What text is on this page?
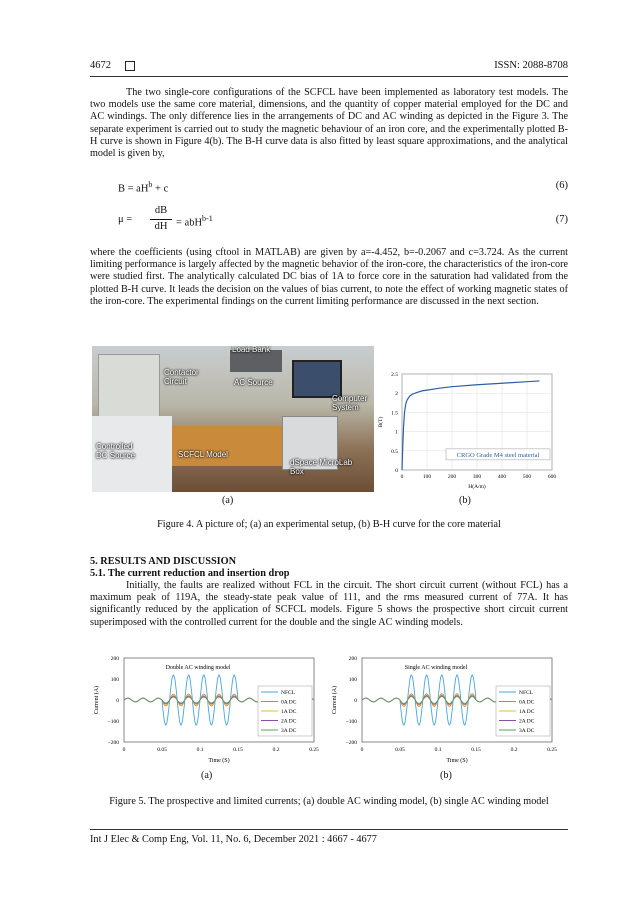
4672	ISSN: 2088-8708

The two single-core configurations of the SCFCL have been implemented as laboratory test models. The two models use the same core material, dimensions, and the quantity of copper material employed for the DC and AC windings. The only difference lies in the arrangements of DC and AC winding as depicted in the Figure 3. The separate experiment is carried out to study the magnetic behaviour of an iron core, and the experimentally plotted B-H curve is shown in Figure 4(b). The B-H curve data is also fitted by least square approximations, and the analytical model is given by,

$B = aH^b + c$	(6)
μ =
dB
dH = abH$^{b-1}$	(7)

where the coefficients (using cftool in MATLAB) are given by a=-4.452, b=-0.2067 and c=3.724. As the current limiting performance is largely affected by the magnetic behavior of the iron-core, the characteristics of the iron-core were studied first. The analytically calculated DC bias of 1A to force core in the saturation had validated from the plotted B-H curve. It leads the decision on the values of bias current, to note the effect of working magnetic states of the iron-core. The experimental findings on the current limiting performance are discussed in the next section.

Load Bank
Contactor Circuit	AC Source
Computer System
Controlled DC Source	SCFCL Model
dSpace MicroLab Box
0	100	200	300	400	500	600
0
0.5
1
1.5
2
2.5
CRGO Grade M4 steel material
H(A/m)
B(T)
(a)	(b)
Figure 4. A picture of; (a) an experimental setup, (b) B-H curve for the core material
5. RESULTS AND DISCUSSION
5.1. The current reduction and insertion drop

Initially, the faults are realized without FCL in the circuit. The short circuit current (without FCL) has a maximum peak of 119A, the steady-state peak value of 111, and the rms measured current of 77A. It has significantly reduced by the application of SCFCL models. Figure 5 shows the prospective short circuit current superimposed with the controlled current for the double and the single AC winding models.

0	0.05	0.1	0.15	0.2	0.25
200
100
0
−100
−200
Double AC winding model
NFCL
0A DC
1A DC
2A DC
3A DC
Time (S)
Current (A)
0	0.05	0.1	0.15	0.2	0.25
200
100
0
−100
−200
Single AC winding model
NFCL
0A DC
1A DC
2A DC
3A DC
Time (S)
Current (A)
(a)	(b)
Figure 5. The prospective and limited currents; (a) double AC winding model, (b) single AC winding model
Int J Elec & Comp Eng, Vol. 11, No. 6, December 2021 : 4667 - 4677
